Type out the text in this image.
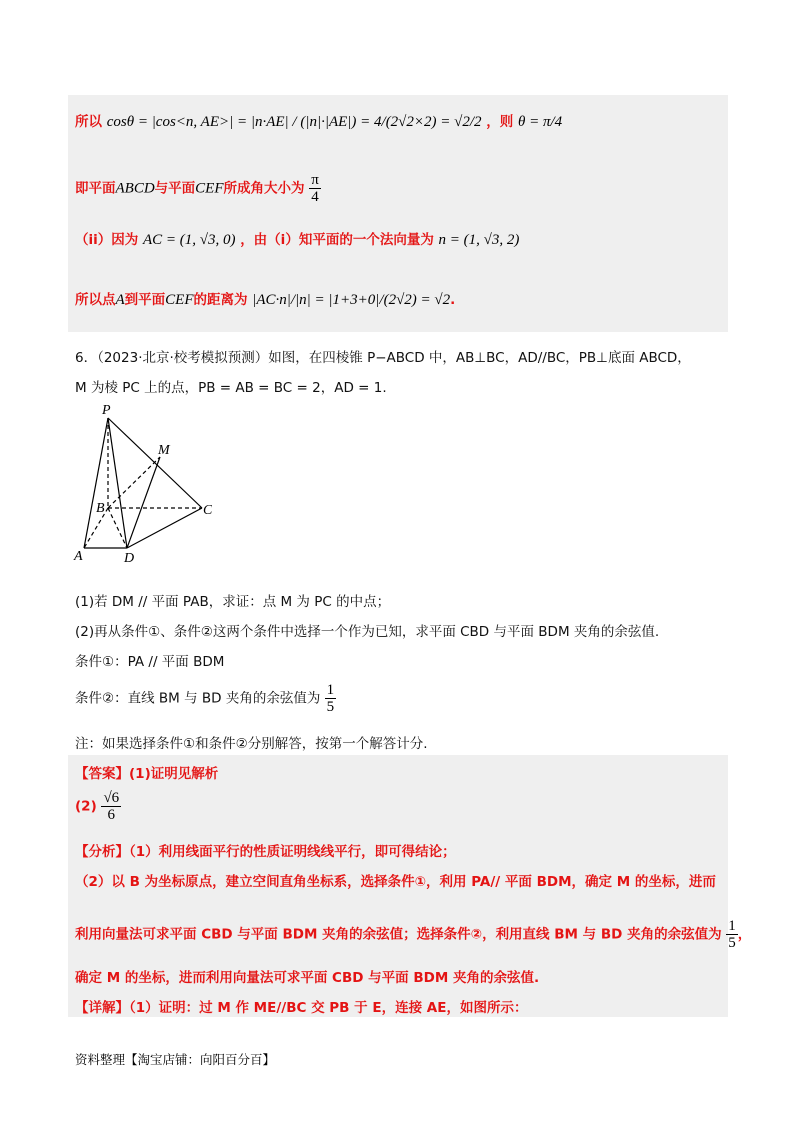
所以 cosθ = |cos<n, AE>| = |n·AE| / (|n|·|AE|) = 4/(2√2×2) = √2/2 ，则 θ = π/4
即平面ABCD与平面CEF所成角大小为 $\frac{\pi}{4}$
（ii）因为 AC = (1, √3, 0) ，由（i）知平面的一个法向量为 n = (1, √3, 2)
所以点A到平面CEF的距离为 |AC·n|/|n| = |1+3+0|/(2√2) = √2.
6．（2023·北京·校考模拟预测）如图，在四棱锥 P−ABCD 中，AB⊥BC，AD//BC，PB⊥底面 ABCD，
M 为棱 PC 上的点，PB = AB = BC = 2，AD = 1.
P
M
B	C
A	D
(1)若 DM // 平面 PAB，求证：点 M 为 PC 的中点；
(2)再从条件①、条件②这两个条件中选择一个作为已知，求平面 CBD 与平面 BDM 夹角的余弦值.
条件①：PA // 平面 BDM
条件②：直线 BM 与 BD 夹角的余弦值为 $\frac{1}{5}$
注：如果选择条件①和条件②分别解答，按第一个解答计分.
【答案】(1)证明见解析
$(2) \frac{√6}{6}$
【分析】（1）利用线面平行的性质证明线线平行，即可得结论；
（2）以 B 为坐标原点，建立空间直角坐标系，选择条件①，利用 PA// 平面 BDM，确定 M 的坐标，进而
利用向量法可求平面 CBD 与平面 BDM 夹角的余弦值；选择条件②，利用直线 BM 与 BD 夹角的余弦值为 $\frac{1}{5}$ ，
确定 M 的坐标，进而利用向量法可求平面 CBD 与平面 BDM 夹角的余弦值.
【详解】（1）证明：过 M 作 ME//BC 交 PB 于 E，连接 AE，如图所示：
资料整理【淘宝店铺：向阳百分百】
